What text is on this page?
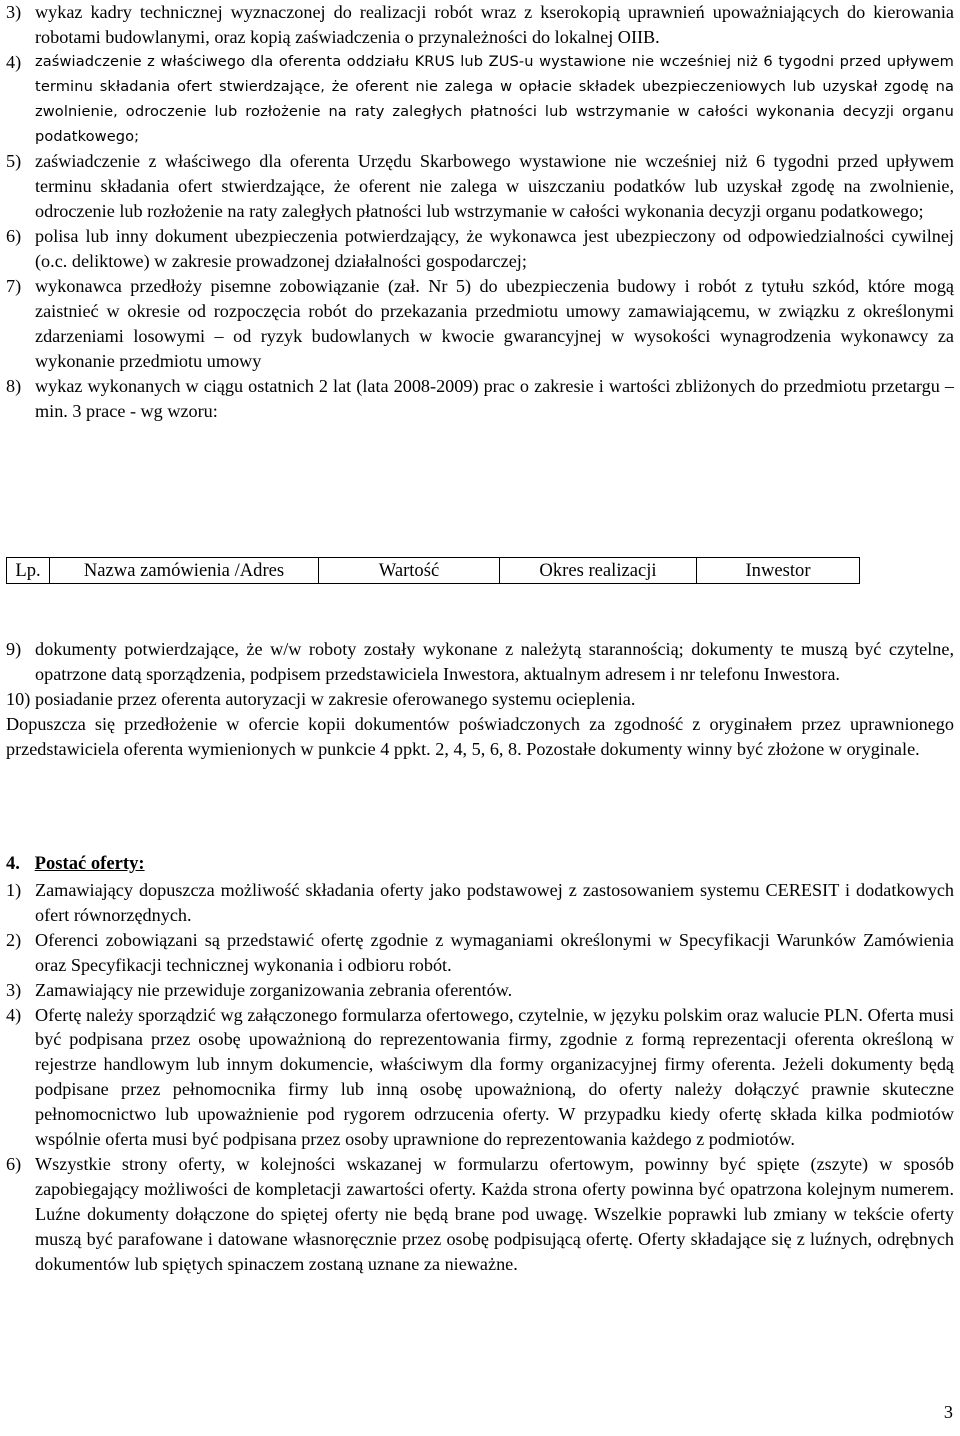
3) wykaz kadry technicznej wyznaczonej do realizacji robót wraz z kserokopią uprawnień upoważniających do kierowania robotami budowlanymi, oraz kopią zaświadczenia o przynależności do lokalnej OIIB.
4) zaświadczenie z właściwego dla oferenta oddziału KRUS lub ZUS-u wystawione nie wcześniej niż 6 tygodni przed upływem terminu składania ofert stwierdzające, że oferent nie zalega w opłacie składek ubezpieczeniowych lub uzyskał zgodę na zwolnienie, odroczenie lub rozłożenie na raty zaległych płatności lub wstrzymanie w całości wykonania decyzji organu podatkowego;
5) zaświadczenie z właściwego dla oferenta Urzędu Skarbowego wystawione nie wcześniej niż 6 tygodni przed upływem terminu składania ofert stwierdzające, że oferent nie zalega w uiszczaniu podatków lub uzyskał zgodę na zwolnienie, odroczenie lub rozłożenie na raty zaległych płatności lub wstrzymanie w całości wykonania decyzji organu podatkowego;
6) polisa lub inny dokument ubezpieczenia potwierdzający, że wykonawca jest ubezpieczony od odpowiedzialności cywilnej (o.c. deliktowe) w zakresie prowadzonej działalności gospodarczej;
7) wykonawca przedłoży pisemne zobowiązanie (zał. Nr 5) do ubezpieczenia budowy i robót z tytułu szkód, które mogą zaistnieć w okresie od rozpoczęcia robót do przekazania przedmiotu umowy zamawiającemu, w związku z określonymi zdarzeniami losowymi – od ryzyk budowlanych w kwocie gwarancyjnej w wysokości wynagrodzenia wykonawcy za wykonanie przedmiotu umowy
8) wykaz wykonanych w ciągu ostatnich 2 lat (lata 2008-2009) prac o zakresie i wartości zbliżonych do przedmiotu przetargu – min. 3 prace - wg wzoru:
Lp.	Nazwa zamówienia /Adres	Wartość	Okres realizacji	Inwestor
9) dokumenty potwierdzające, że w/w roboty zostały wykonane z należytą starannością; dokumenty te muszą być czytelne, opatrzone datą sporządzenia, podpisem przedstawiciela Inwestora, aktualnym adresem i nr telefonu Inwestora.
10) posiadanie przez oferenta autoryzacji w zakresie oferowanego systemu ocieplenia.
Dopuszcza się przedłożenie w ofercie kopii dokumentów poświadczonych za zgodność z oryginałem przez uprawnionego przedstawiciela oferenta wymienionych w punkcie 4 ppkt. 2, 4, 5, 6, 8. Pozostałe dokumenty winny być złożone w oryginale.
4. Postać oferty:
1) Zamawiający dopuszcza możliwość składania oferty jako podstawowej z zastosowaniem systemu CERESIT i dodatkowych ofert równorzędnych.
2) Oferenci zobowiązani są przedstawić ofertę zgodnie z wymaganiami określonymi w Specyfikacji Warunków Zamówienia oraz Specyfikacji technicznej wykonania i odbioru robót.
3) Zamawiający nie przewiduje zorganizowania zebrania oferentów.
4) Ofertę należy sporządzić wg załączonego formularza ofertowego, czytelnie, w języku polskim oraz walucie PLN. Oferta musi być podpisana przez osobę upoważnioną do reprezentowania firmy, zgodnie z formą reprezentacji oferenta określoną w rejestrze handlowym lub innym dokumencie, właściwym dla formy organizacyjnej firmy oferenta. Jeżeli dokumenty będą podpisane przez pełnomocnika firmy lub inną osobę upoważnioną, do oferty należy dołączyć prawnie skuteczne pełnomocnictwo lub upoważnienie pod rygorem odrzucenia oferty. W przypadku kiedy ofertę składa kilka podmiotów wspólnie oferta musi być podpisana przez osoby uprawnione do reprezentowania każdego z podmiotów.
6) Wszystkie strony oferty, w kolejności wskazanej w formularzu ofertowym, powinny być spięte (zszyte) w sposób zapobiegający możliwości de kompletacji zawartości oferty. Każda strona oferty powinna być opatrzona kolejnym numerem. Luźne dokumenty dołączone do spiętej oferty nie będą brane pod uwagę. Wszelkie poprawki lub zmiany w tekście oferty muszą być parafowane i datowane własnoręcznie przez osobę podpisującą ofertę. Oferty składające się z luźnych, odrębnych dokumentów lub spiętych spinaczem zostaną uznane za nieważne.
3
